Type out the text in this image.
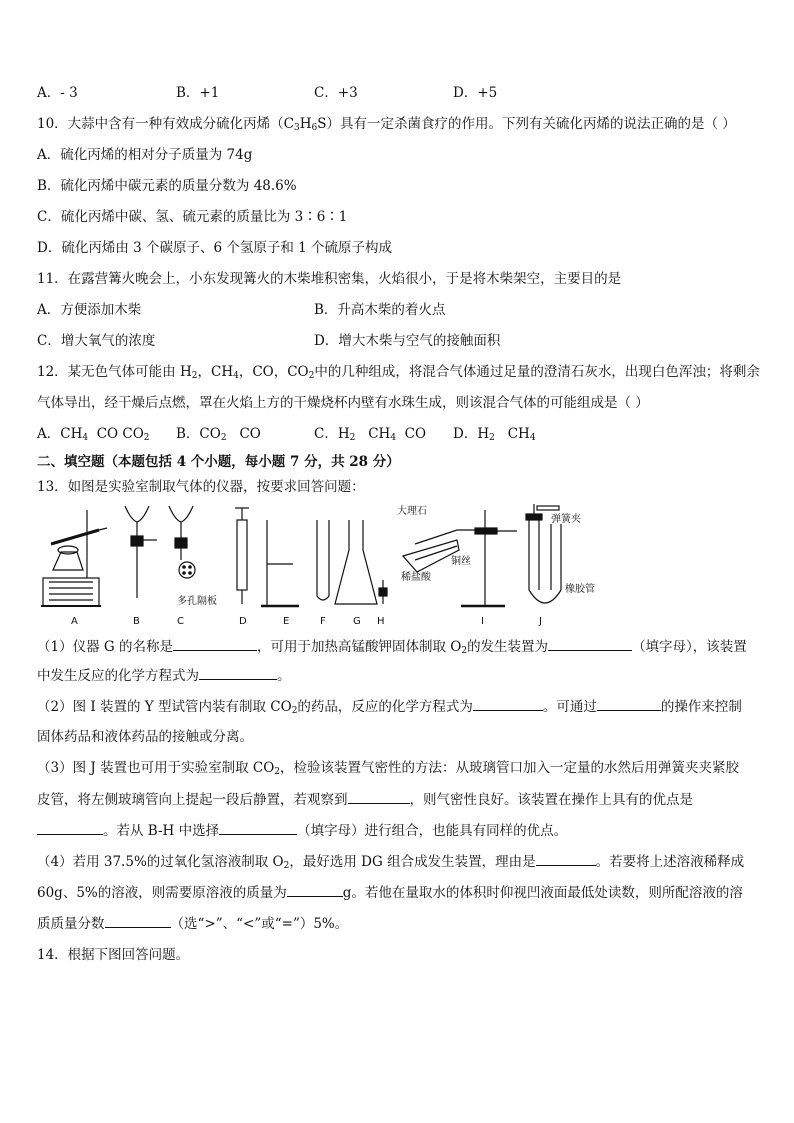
A．- 3	B．+1	C．+3	D．+5
10．大蒜中含有一种有效成分硫化丙烯$(C_3H_6S)$具有一定杀菌食疗的作用。下列有关硫化丙烯的说法正确的是（ ）
A．硫化丙烯的相对分子质量为 74g
B．硫化丙烯中碳元素的质量分数为 48.6%
C．硫化丙烯中碳、氢、硫元素的质量比为 3∶6∶1
D．硫化丙烯由 3 个碳原子、6 个氢原子和 1 个硫原子构成
11．在露营篝火晚会上，小东发现篝火的木柴堆积密集，火焰很小，于是将木柴架空，主要目的是
A．方便添加木柴	B．升高木柴的着火点
C．增大氧气的浓度	D．增大木柴与空气的接触面积
12．某无色气体可能由 $H_2$，$CH_4$，CO，$CO_2$中的几种组成，将混合气体通过足量的澄清石灰水，出现白色浑浊；将剩余
气体导出，经干燥后点燃，罩在火焰上方的干燥烧杯内壁有水珠生成，则该混合气体的可能组成是（ ）
A．$CH_4$ CO $CO_2$ B．$CO_2$ CO	C．$H_2$ $CH_4$  CO D．$H_2$ $CH_4$
二、填空题（本题包括 4 个小题，每小题 7 分，共 28 分）
13．如图是实验室制取气体的仪器，按要求回答问题：
A	B	C	D	E	F	G H	I	J
多孔隔板
大理石
铜丝
稀盐酸
弹簧夹
橡胶管
（1）仪器 G 的名称是	，可用于加热高锰酸钾固体制取 $O_2$的发生装置为	（填字母），该装置
中发生反应的化学方程式为	。
（2）图 I 装置的 Y 型试管内装有制取 $CO_2$的药品，反应的化学方程式为	。可通过	的操作来控制
固体药品和液体药品的接触或分离。
（3）图 J 装置也可用于实验室制取 $CO_2$，检验该装置气密性的方法：从玻璃管口加入一定量的水然后用弹簧夹夹紧胶
皮管，将左侧玻璃管向上提起一段后静置，若观察到	，则气密性良好。该装置在操作上具有的优点是
。若从 B-H 中选择	（填字母）进行组合，也能具有同样的优点。
（4）若用 37.5%的过氧化氢溶液制取 $O_2$，最好选用 DG 组合成发生装置，理由是	。若要将上述溶液稀释成
60g、5%的溶液，则需要原溶液的质量为	g。若他在量取水的体积时仰视凹液面最低处读数，则所配溶液的溶
质质量分数	（选“>”、“<”或“=”）5%。
14．根据下图回答问题。
